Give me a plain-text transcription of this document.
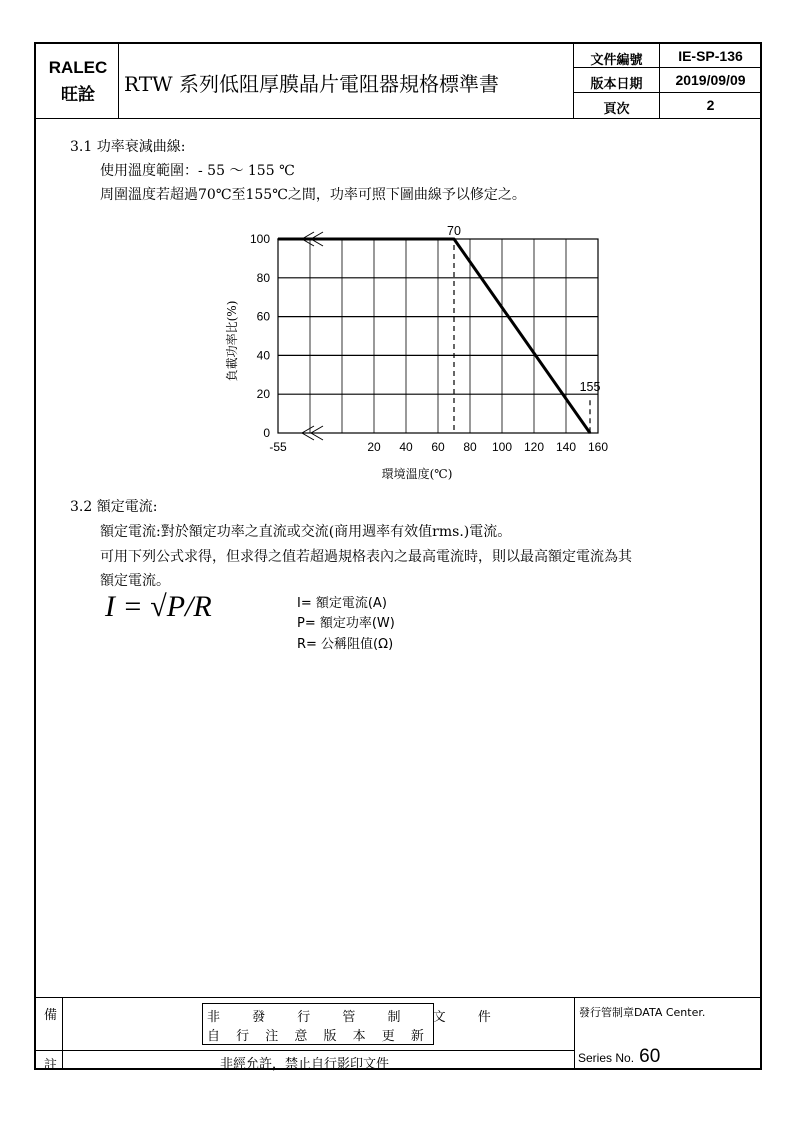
RALEC
旺詮	RTW 系列低阻厚膜晶片電阻器規格標準書
文件編號	IE-SP-136
版本日期	2019/09/09
頁次	2
3.1 功率衰減曲線:
使用溫度範圍：- 55 ～ 155 ℃
周圍溫度若超過70℃至155℃之間，功率可照下圖曲線予以修定之。
0
20
40
60
80
100
-55	20 40 60 80 100 120 140 160
70
155
負載功率比(%)
環境溫度(℃)
3.2 額定電流:
額定電流:對於額定功率之直流或交流(商用週率有效值rms.)電流。
可用下列公式求得，但求得之值若超過規格表內之最高電流時，則以最高額定電流為其
額定電流。
I = √P/R	I= 額定電流(A)
P= 額定功率(W)
R= 公稱阻值(Ω)
備
註
非 發 行 管 制 文 件
自 行 注 意 版 本 更 新
非經允許，禁止自行影印文件
發行管制章DATA Center.
Series No. 60
